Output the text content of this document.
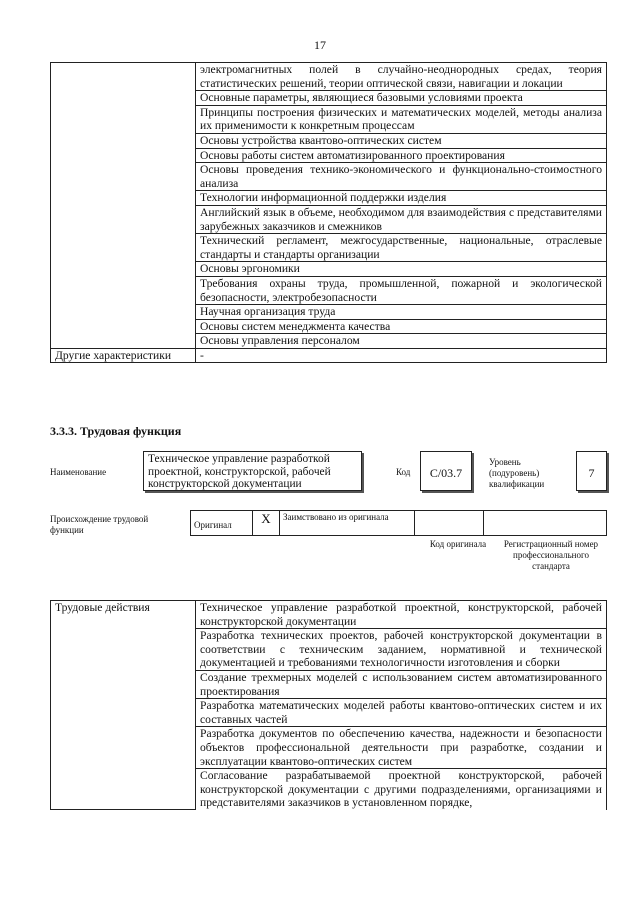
17
	электромагнитных полей в случайно-неоднородных средах, теория статистических решений, теории оптической связи, навигации и локации
	Основные параметры, являющиеся базовыми условиями проекта
	Принципы построения физических и математических моделей, методы анализа их применимости к конкретным процессам
	Основы устройства квантово-оптических систем
	Основы работы систем автоматизированного проектирования
	Основы проведения технико-экономического и функционально-стоимостного анализа
	Технологии информационной поддержки изделия
	Английский язык в объеме, необходимом для взаимодействия с представителями зарубежных заказчиков и смежников
	Технический регламент, межгосударственные, национальные, отраслевые стандарты и стандарты организации
	Основы эргономики
	Требования охраны труда, промышленной, пожарной и экологической безопасности, электробезопасности
	Научная организация труда
	Основы систем менеджмента качества
	Основы управления персоналом
Другие характеристики	-
3.3.3. Трудовая функция
Наименование
Техническое управление разработкой проектной, конструкторской, рабочей конструкторской документации
Код	С/03.7
Уровень (подуровень) квалификации
7
Происхождение трудовой функции	Оригинал	X	Заимствовано из оригинала		
Код оригинала	Регистрационный номер профессионального стандарта
Трудовые действия	Техническое управление разработкой проектной, конструкторской, рабочей конструкторской документации
Разработка технических проектов, рабочей конструкторской документации в соответствии с техническим заданием, нормативной и технической документацией и требованиями технологичности изготовления и сборки
Создание трехмерных моделей с использованием систем автоматизированного проектирования
Разработка математических моделей работы квантово-оптических систем и их составных частей
Разработка документов по обеспечению качества, надежности и безопасности объектов профессиональной деятельности при разработке, создании и эксплуатации квантово-оптических систем
Согласование разрабатываемой проектной конструкторской, рабочей конструкторской документации с другими подразделениями, организациями и представителями заказчиков в установленном порядке,
